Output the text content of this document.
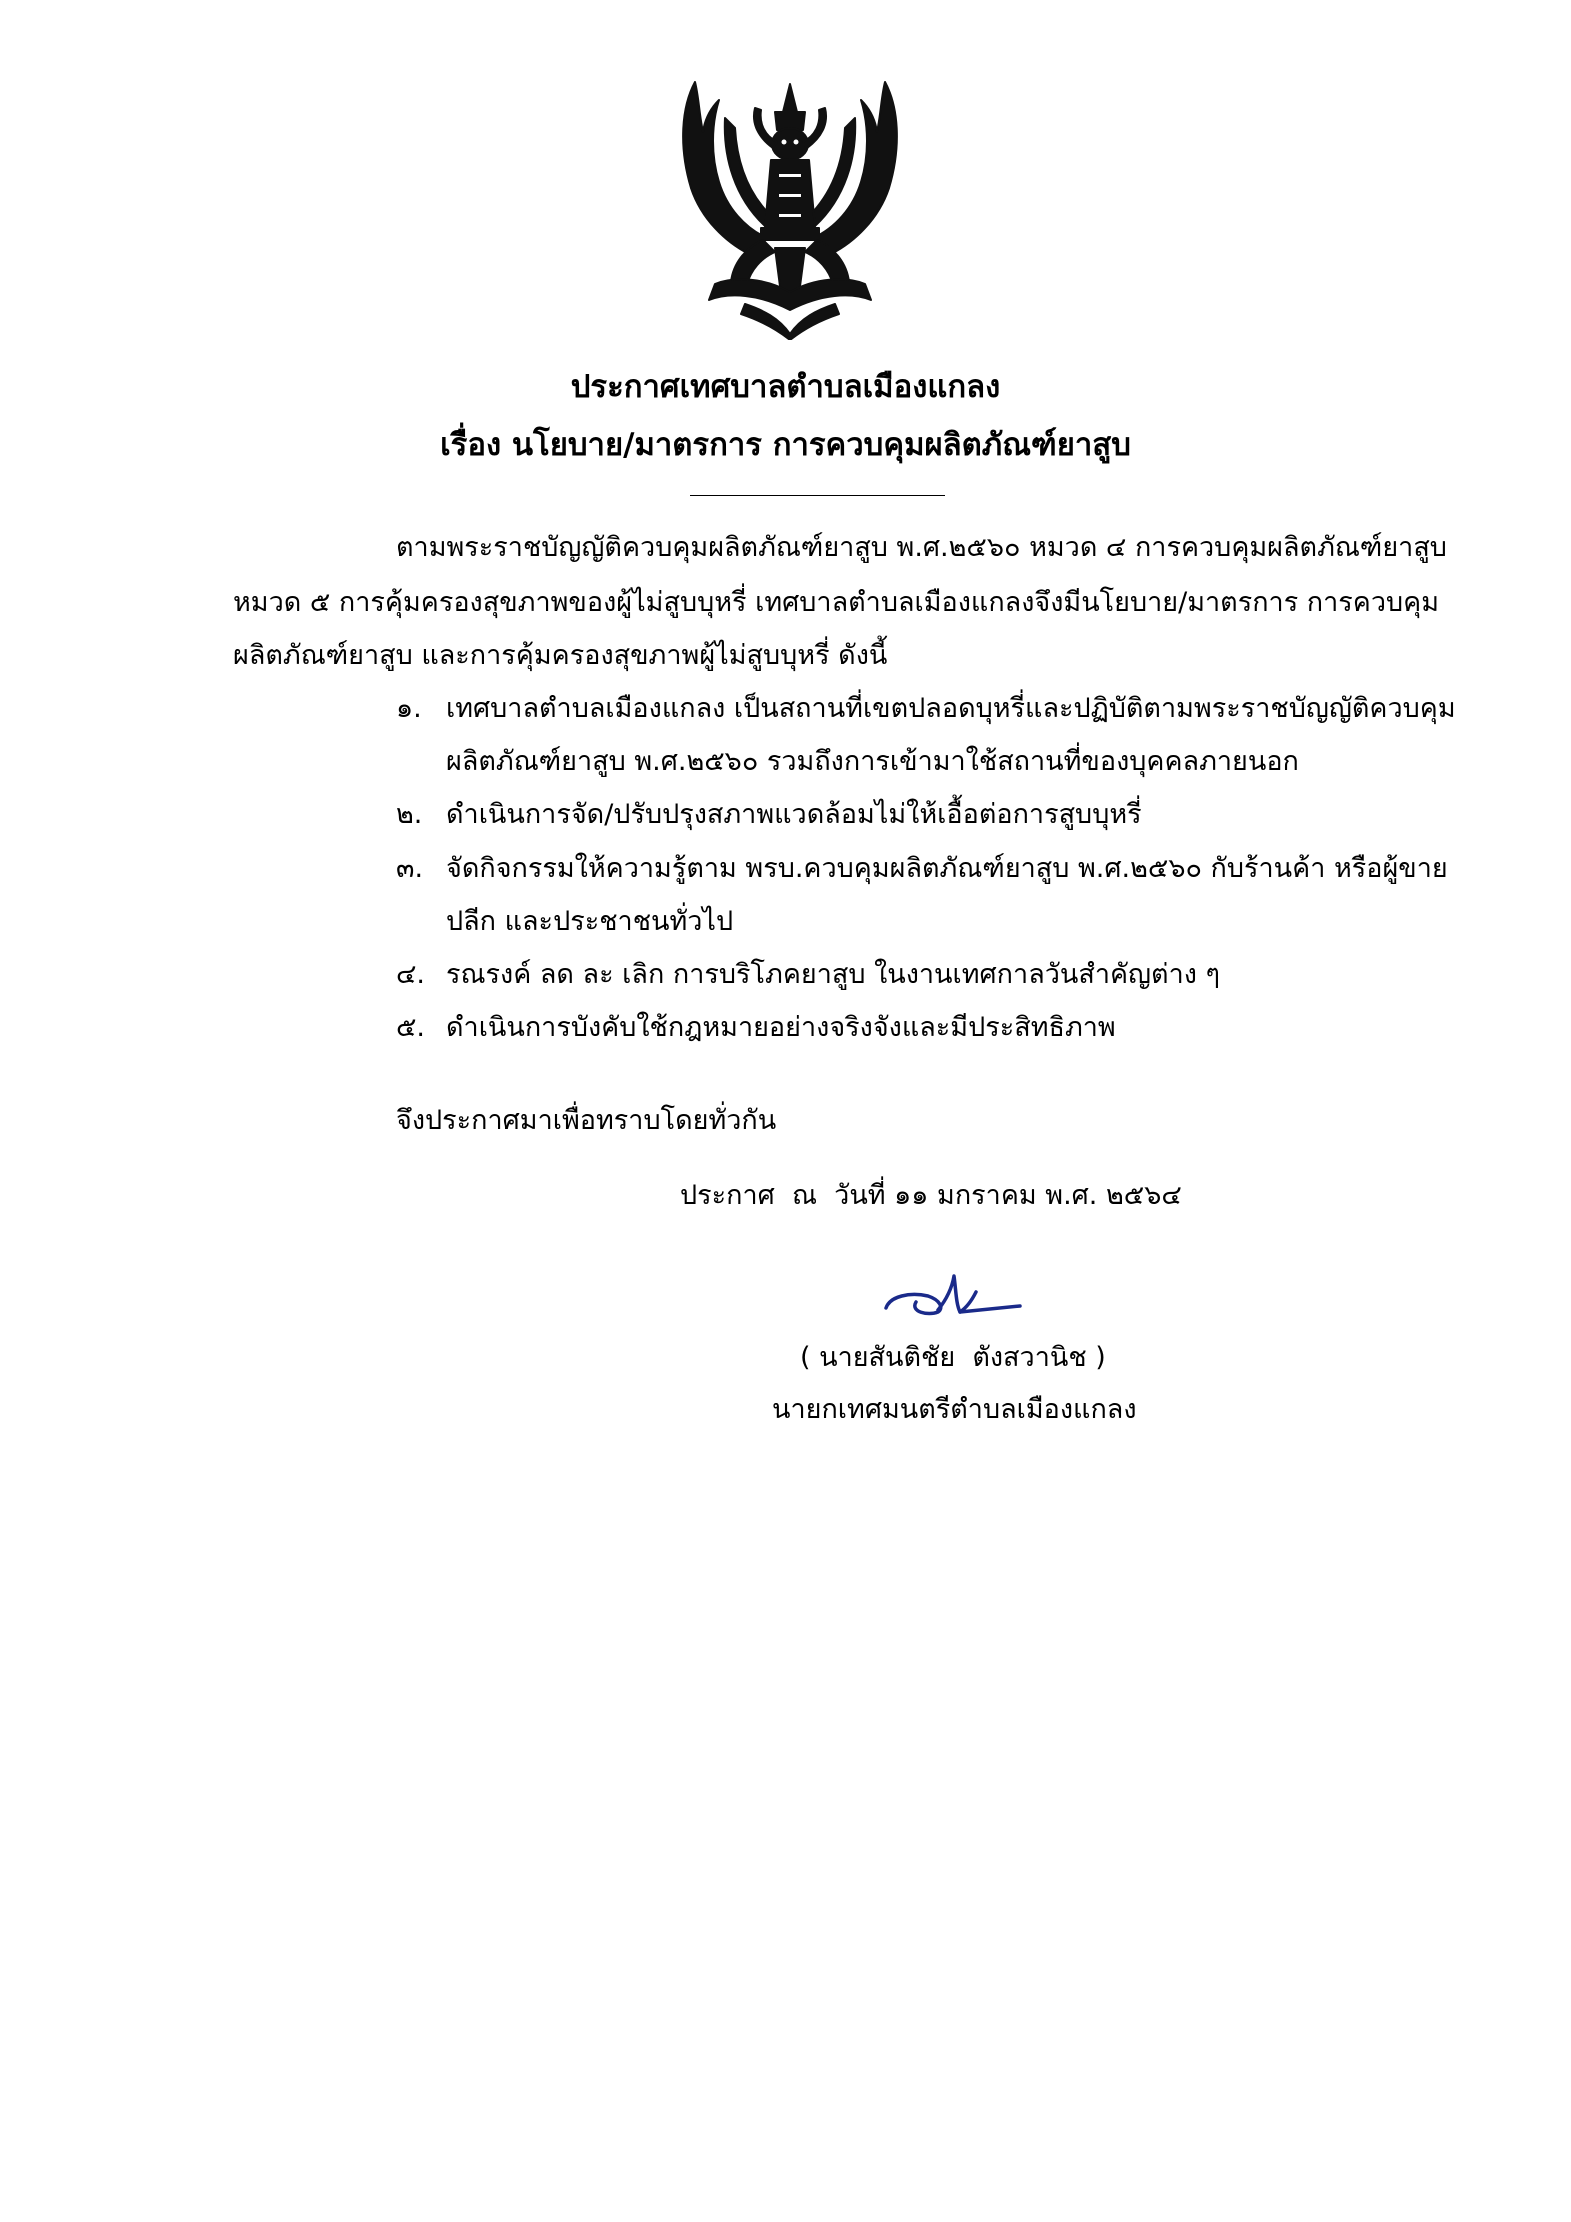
ประกาศเทศบาลตำบลเมืองแกลง
เรื่อง นโยบาย/มาตรการ การควบคุมผลิตภัณฑ์ยาสูบ
ตามพระราชบัญญัติควบคุมผลิตภัณฑ์ยาสูบ พ.ศ.๒๕๖๐ หมวด ๔ การควบคุมผลิตภัณฑ์ยาสูบ
หมวด ๕ การคุ้มครองสุขภาพของผู้ไม่สูบบุหรี่ เทศบาลตำบลเมืองแกลงจึงมีนโยบาย/มาตรการ การควบคุม
ผลิตภัณฑ์ยาสูบ และการคุ้มครองสุขภาพผู้ไม่สูบบุหรี่ ดังนี้
๑. เทศบาลตำบลเมืองแกลง เป็นสถานที่เขตปลอดบุหรี่และปฏิบัติตามพระราชบัญญัติควบคุม
ผลิตภัณฑ์ยาสูบ พ.ศ.๒๕๖๐ รวมถึงการเข้ามาใช้สถานที่ของบุคคลภายนอก
๒. ดำเนินการจัด/ปรับปรุงสภาพแวดล้อมไม่ให้เอื้อต่อการสูบบุหรี่
๓. จัดกิจกรรมให้ความรู้ตาม พรบ.ควบคุมผลิตภัณฑ์ยาสูบ พ.ศ.๒๕๖๐ กับร้านค้า หรือผู้ขาย
ปลีก และประชาชนทั่วไป
๔. รณรงค์ ลด ละ เลิก การบริโภคยาสูบ ในงานเทศกาลวันสำคัญต่าง ๆ
๕. ดำเนินการบังคับใช้กฎหมายอย่างจริงจังและมีประสิทธิภาพ
จึงประกาศมาเพื่อทราบโดยทั่วกัน
ประกาศ  ณ  วันที่ ๑๑ มกราคม พ.ศ. ๒๕๖๔
( นายสันติชัย  ตังสวานิช )
นายกเทศมนตรีตำบลเมืองแกลง
